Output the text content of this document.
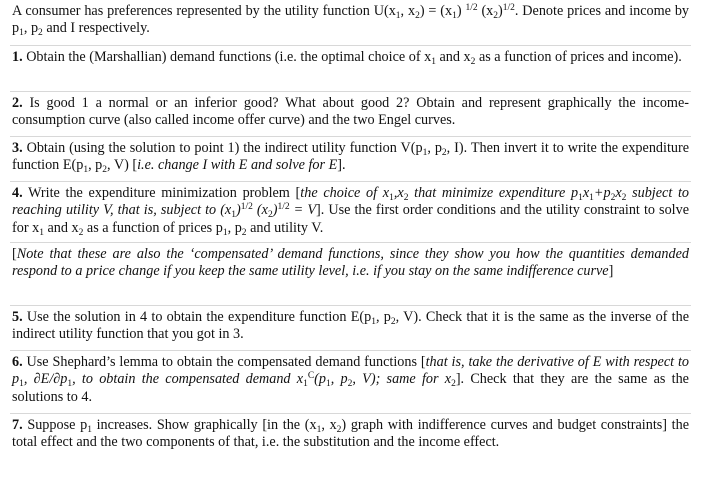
A consumer has preferences represented by the utility function $U(x_1$, $x_2) = (x_1)$ $^{1/2}$ $(x_2)^{1/2}$. Denote prices and income by $p_1$, $p_2$ and I respectively.
1. Obtain the (Marshallian) demand functions (i.e. the optimal choice of $x_1$ and $x_2$ as a function of prices and income).
2. Is good 1 a normal or an inferior good? What about good 2? Obtain and represent graphically the income-consumption curve (also called income offer curve) and the two Engel curves.
3. Obtain (using the solution to point 1) the indirect utility function $V(p_1$, $p_2$, I). Then invert it to write the expenditure function $E(p_1$, $p_2$, V) [i.e. change I with E and solve for E].
4. Write the expenditure minimization problem [the choice of $x_1,x_2$ that minimize expenditure $p_1x_1+p_2x_2$ subject to reaching utility V, that is, subject to $(x_1)^{1/2}$ $(x_2)^{1/2} = V$]. Use the first order conditions and the utility constraint to solve for $x_1$ and $x_2$ as a function of prices $p_1$, $p_2$ and utility V.
[Note that these are also the ‘compensated’ demand functions, since they show you how the quantities demanded respond to a price change if you keep the same utility level, i.e. if you stay on the same indifference curve]
5. Use the solution in 4 to obtain the expenditure function $E(p_1$, $p_2$, V). Check that it is the same as the inverse of the indirect utility function that you got in 3.
6. Use Shephard’s lemma to obtain the compensated demand functions [that is, take the derivative of E with respect to $p_1$, $\partial E/\partial p_1$, to obtain the compensated demand $x_1^C(p_1$, $p_2$, V); same for $x_2$]. Check that they are the same as the solutions to 4.
7. Suppose $p_1$ increases. Show graphically [in the ($x_1$, $x_2$) graph with indifference curves and budget constraints] the total effect and the two components of that, i.e. the substitution and the income effect.
